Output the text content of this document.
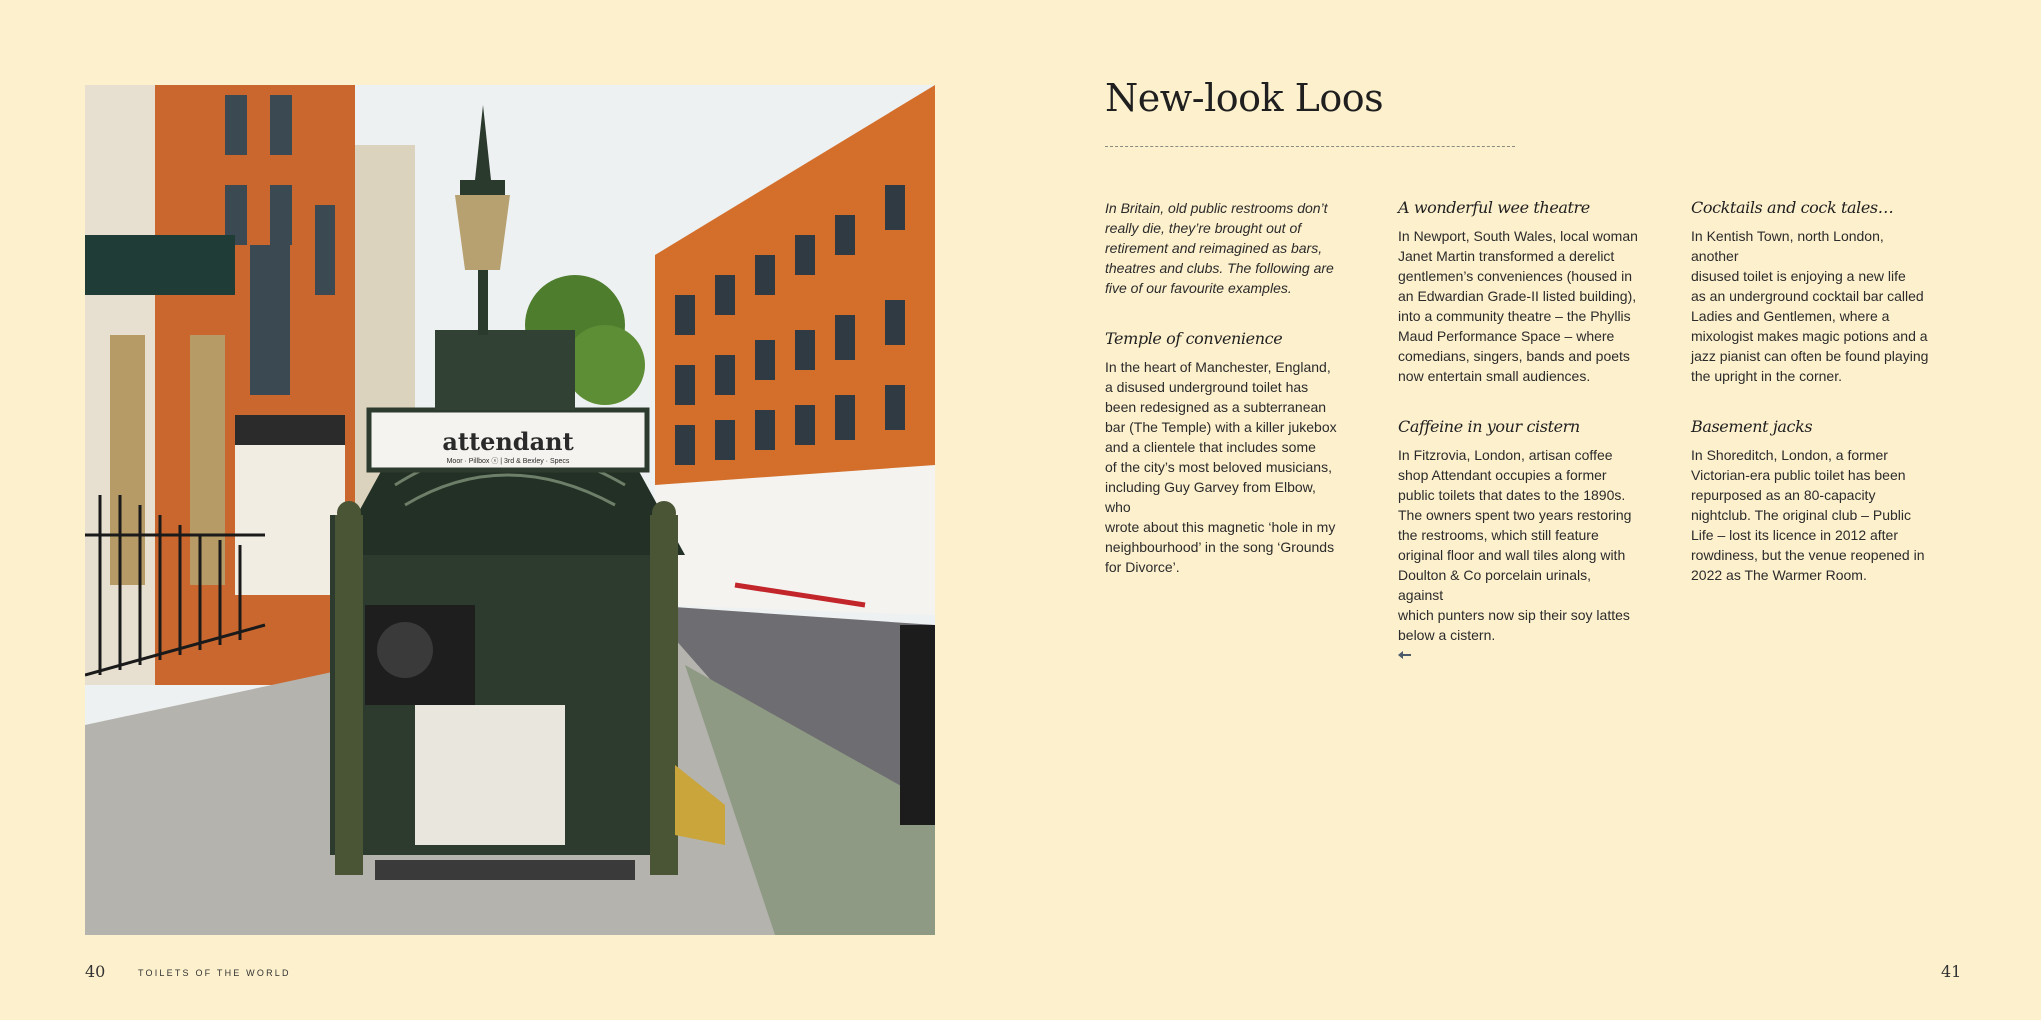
attendant
Moor · Pillbox ⓢ | 3rd & Bexley · Specs
New-look Loos

In Britain, old public restrooms don’t really die, they’re brought out of retirement and reimagined as bars, theatres and clubs. The following are five of our favourite examples.

Temple of convenience

In the heart of Manchester, England,
a disused underground toilet has
been redesigned as a subterranean
bar (The Temple) with a killer jukebox
and a clientele that includes some
of the city’s most beloved musicians,
including Guy Garvey from Elbow, who
wrote about this magnetic ‘hole in my
neighbourhood’ in the song ‘Grounds
for Divorce’.

A wonderful wee theatre

In Newport, South Wales, local woman
Janet Martin transformed a derelict
gentlemen’s conveniences (housed in
an Edwardian Grade-II listed building),
into a community theatre – the Phyllis
Maud Performance Space – where
comedians, singers, bands and poets
now entertain small audiences.

Caffeine in your cistern

In Fitzrovia, London, artisan coffee
shop Attendant occupies a former
public toilets that dates to the 1890s.
The owners spent two years restoring
the restrooms, which still feature
original floor and wall tiles along with
Doulton & Co porcelain urinals, against
which punters now sip their soy lattes
below a cistern.

Cocktails and cock tales…

In Kentish Town, north London, another
disused toilet is enjoying a new life
as an underground cocktail bar called
Ladies and Gentlemen, where a
mixologist makes magic potions and a
jazz pianist can often be found playing
the upright in the corner.

Basement jacks

In Shoreditch, London, a former
Victorian-era public toilet has been
repurposed as an 80-capacity
nightclub. The original club – Public
Life – lost its licence in 2012 after
rowdiness, but the venue reopened in
2022 as The Warmer Room.

40	TOILETS OF THE WORLD	41
